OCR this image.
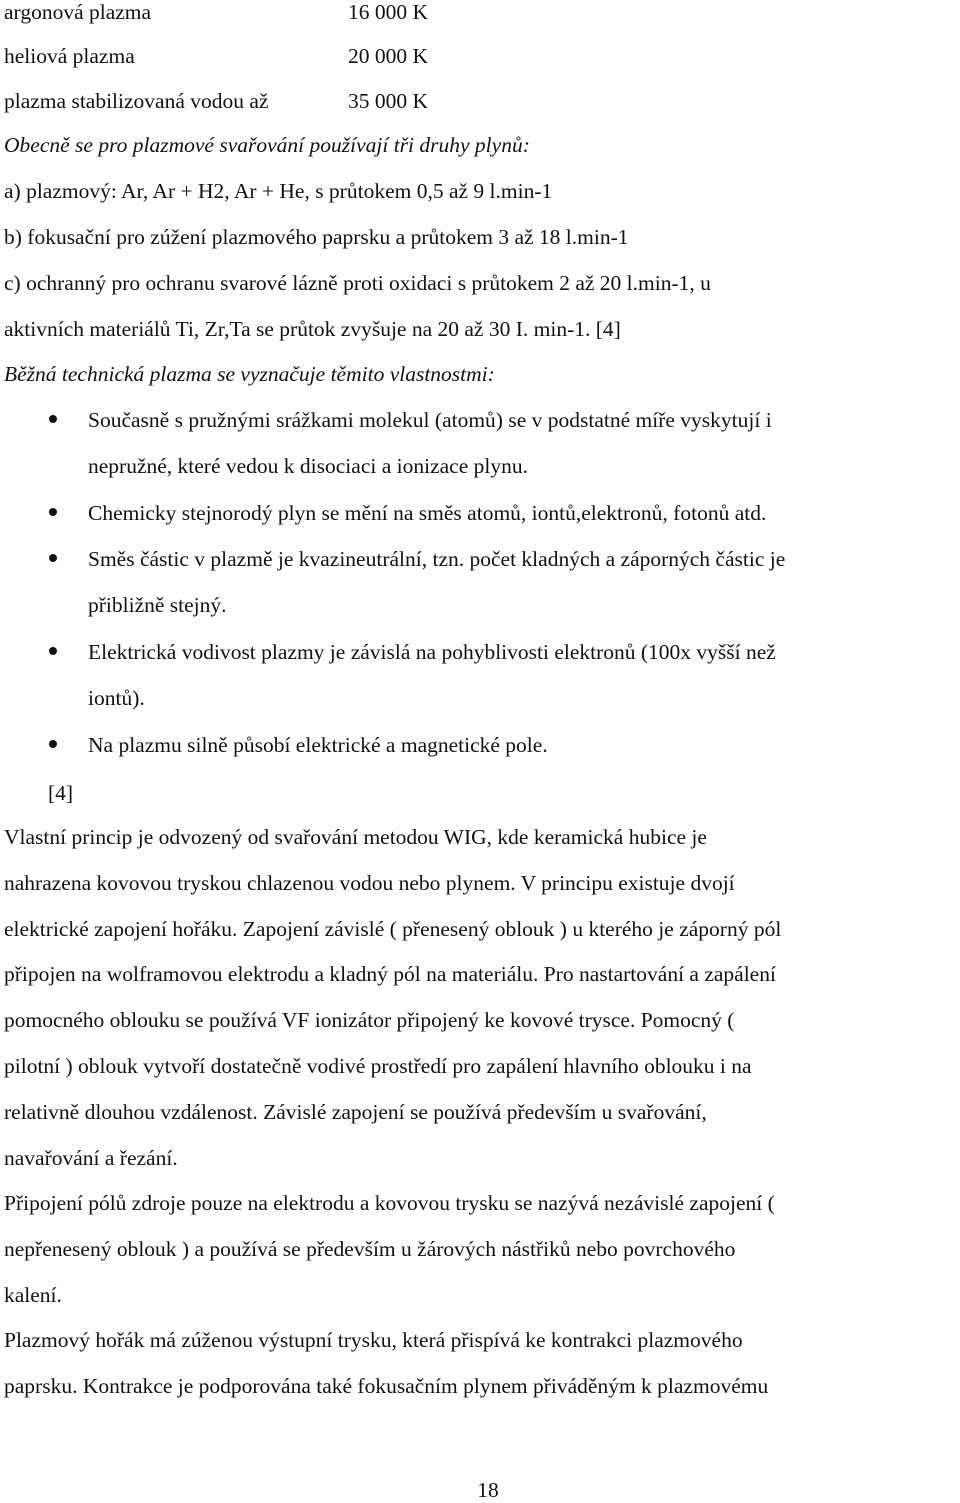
argonová plazma	16 000 K
heliová plazma	20 000 K
plazma stabilizovaná vodou až	35 000 K
Obecně se pro plazmové svařování používají tři druhy plynů:
a) plazmový: Ar, Ar + H2, Ar + He, s průtokem 0,5 až 9 l.min-1
b) fokusační pro zúžení plazmového paprsku a průtokem 3 až 18 l.min-1
c) ochranný pro ochranu svarové lázně proti oxidaci s průtokem 2 až 20 l.min-1, u
aktivních materiálů Ti, Zr,Ta se průtok zvyšuje na 20 až 30 I. min-1. [4]
Běžná technická plazma se vyznačuje těmito vlastnostmi:
Současně s pružnými srážkami molekul (atomů) se v podstatné míře vyskytují i
nepružné, které vedou k disociaci a ionizace plynu.
Chemicky stejnorodý plyn se mění na směs atomů, iontů,elektronů, fotonů atd.
Směs částic v plazmě je kvazineutrální, tzn. počet kladných a záporných částic je
přibližně stejný.
Elektrická vodivost plazmy je závislá na pohyblivosti elektronů (100x vyšší než
iontů).
Na plazmu silně působí elektrické a magnetické pole.
[4]
Vlastní princip je odvozený od svařování metodou WIG, kde keramická hubice je
nahrazena kovovou tryskou chlazenou vodou nebo plynem. V principu existuje dvojí
elektrické zapojení hořáku. Zapojení závislé ( přenesený oblouk ) u kterého je záporný pól
připojen na wolframovou elektrodu a kladný pól na materiálu. Pro nastartování a zapálení
pomocného oblouku se používá VF ionizátor připojený ke kovové trysce. Pomocný (
pilotní ) oblouk vytvoří dostatečně vodivé prostředí pro zapálení hlavního oblouku i na
relativně dlouhou vzdálenost. Závislé zapojení se používá především u svařování,
navařování a řezání.
Připojení pólů zdroje pouze na elektrodu a kovovou trysku se nazývá nezávislé zapojení (
nepřenesený oblouk ) a používá se především u žárových nástřiků nebo povrchového
kalení.
Plazmový hořák má zúženou výstupní trysku, která přispívá ke kontrakci plazmového
paprsku. Kontrakce je podporována také fokusačním plynem přiváděným k plazmovému
18
